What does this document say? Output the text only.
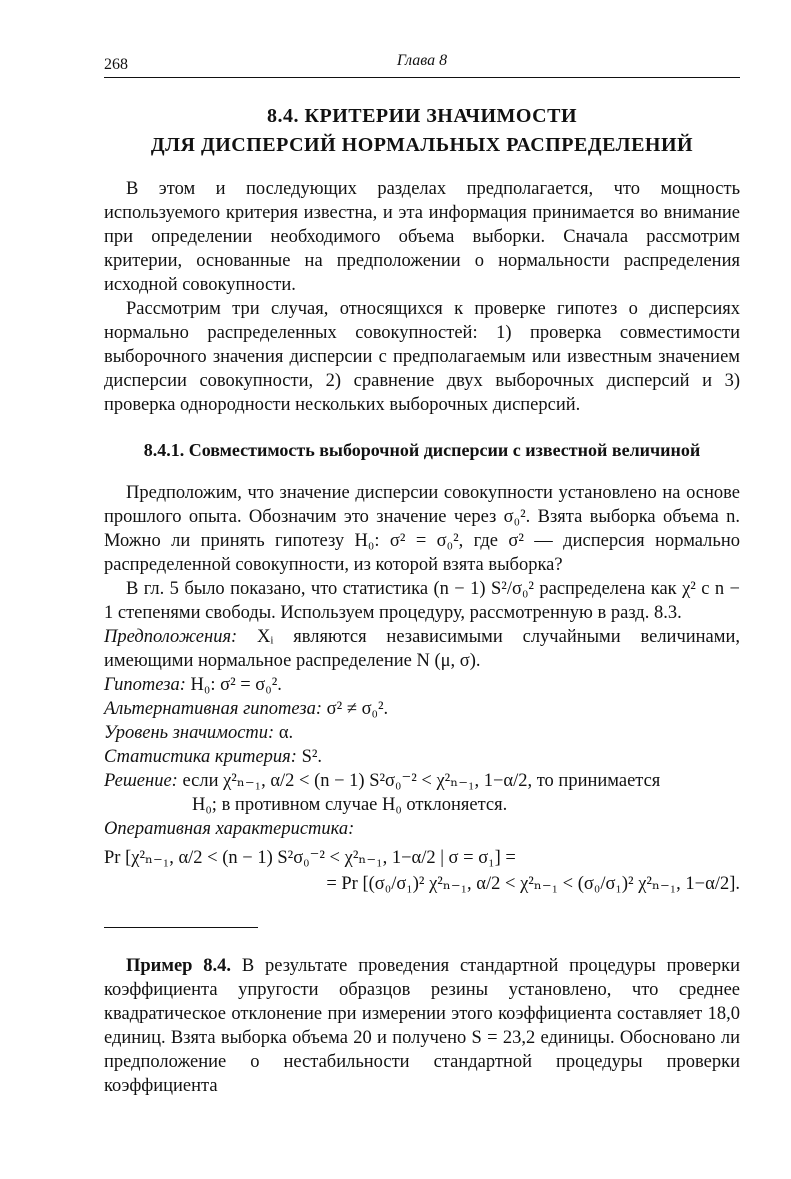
268	Глава 8
8.4. КРИТЕРИИ ЗНАЧИМОСТИ
ДЛЯ ДИСПЕРСИЙ НОРМАЛЬНЫХ РАСПРЕДЕЛЕНИЙ

В этом и последующих разделах предполагается, что мощность используемого критерия известна, и эта информация принимается во внимание при определении необходимого объема выборки. Сначала рассмотрим критерии, основанные на предположении о нормальности распределения исходной совокупности.

Рассмотрим три случая, относящихся к проверке гипотез о дисперсиях нормально распределенных совокупностей: 1) проверка совместимости выборочного значения дисперсии с предполагаемым или известным значением дисперсии совокупности, 2) сравнение двух выборочных дисперсий и 3) проверка однородности нескольких выборочных дисперсий.

8.4.1. Совместимость выборочной дисперсии с известной величиной

Предположим, что значение дисперсии совокупности установлено на основе прошлого опыта. Обозначим это значение через σ₀². Взята выборка объема n. Можно ли принять гипотезу H₀: σ² = σ₀², где σ² — дисперсия нормально распределенной совокупности, из которой взята выборка?

В гл. 5 было показано, что статистика (n − 1) S²/σ₀² распределена как χ² с n − 1 степенями свободы. Используем процедуру, рассмотренную в разд. 8.3.

Предположения: Xᵢ являются независимыми случайными величинами, имеющими нормальное распределение N (μ, σ).

Гипотеза: H₀: σ² = σ₀².

Альтернативная гипотеза: σ² ≠ σ₀².

Уровень значимости: α.

Статистика критерия: S².

Решение: если χ²ₙ₋₁, α/2 < (n − 1) S²σ₀⁻² < χ²ₙ₋₁, 1−α/2, то принимается

H₀; в противном случае H₀ отклоняется.

Оперативная характеристика:

Pr [χ²ₙ₋₁, α/2 < (n − 1) S²σ₀⁻² < χ²ₙ₋₁, 1−α/2 | σ = σ₁] =
= Pr [(σ₀/σ₁)² χ²ₙ₋₁, α/2 < χ²ₙ₋₁ < (σ₀/σ₁)² χ²ₙ₋₁, 1−α/2].

Пример 8.4. В результате проведения стандартной процедуры проверки коэффициента упругости образцов резины установлено, что среднее квадратическое отклонение при измерении этого коэффициента составляет 18,0 единиц. Взята выборка объема 20 и получено S = 23,2 единицы. Обосновано ли предположение о нестабильности стандартной процедуры проверки коэффициента
